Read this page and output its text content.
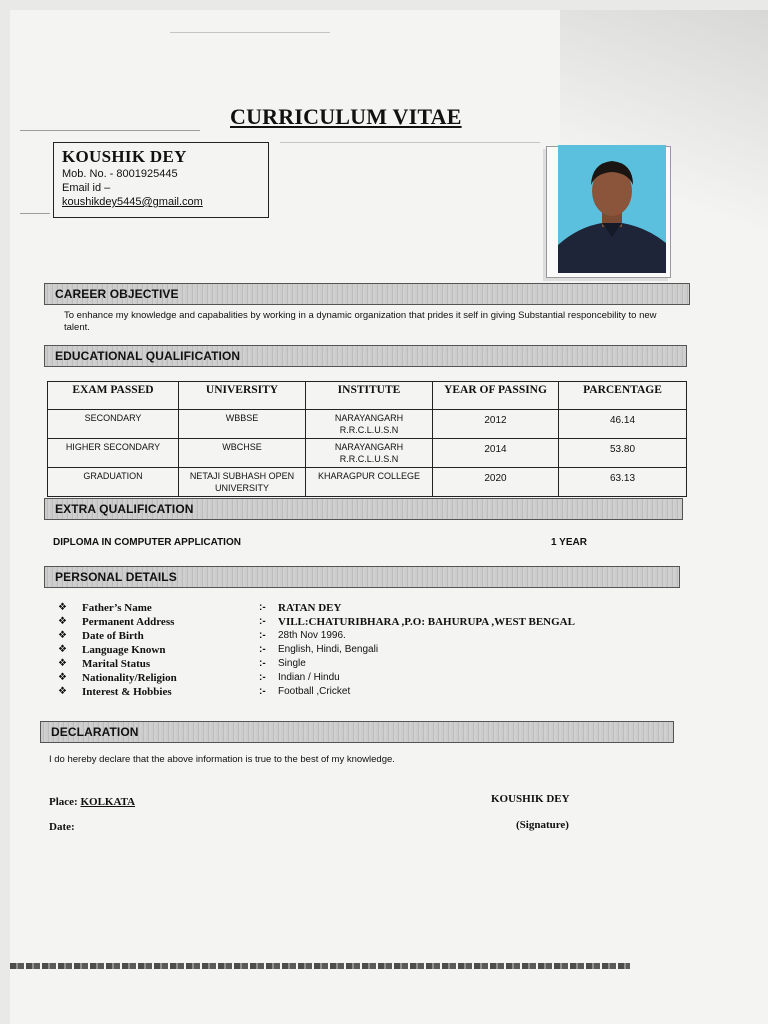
CURRICULUM VITAE
KOUSHIK DEY
Mob. No. - 8001925445
Email id –
koushikdey5445@gmail.com
CAREER OBJECTIVE
To enhance my knowledge and capabalities by working in a dynamic organization that prides it self in giving Substantial responcebility to new talent.
EDUCATIONAL QUALIFICATION
EXAM PASSED	UNIVERSITY	INSTITUTE	YEAR OF PASSING	PARCENTAGE
SECONDARY	WBBSE	NARAYANGARH R.R.C.L.U.S.N	2012	46.14
HIGHER SECONDARY	WBCHSE	NARAYANGARH R.R.C.L.U.S.N	2014	53.80
GRADUATION	NETAJI SUBHASH OPEN UNIVERSITY	KHARAGPUR COLLEGE	2020	63.13
EXTRA QUALIFICATION
DIPLOMA IN COMPUTER APPLICATION	1 YEAR
PERSONAL DETAILS
❖ Father’s Name	:- RATAN DEY
❖ Permanent Address	:- VILL:CHATURIBHARA ,P.O: BAHURUPA ,WEST BENGAL
❖ Date of Birth	:- 28th Nov 1996.
❖ Language Known	:- English, Hindi, Bengali
❖ Marital Status	:- Single
❖ Nationality/Religion	:- Indian / Hindu
❖ Interest & Hobbies	:- Football ,Cricket
DECLARATION
I do hereby declare that the above information is true to the best of my knowledge.
Place: KOLKATA
Date:
KOUSHIK DEY
(Signature)
